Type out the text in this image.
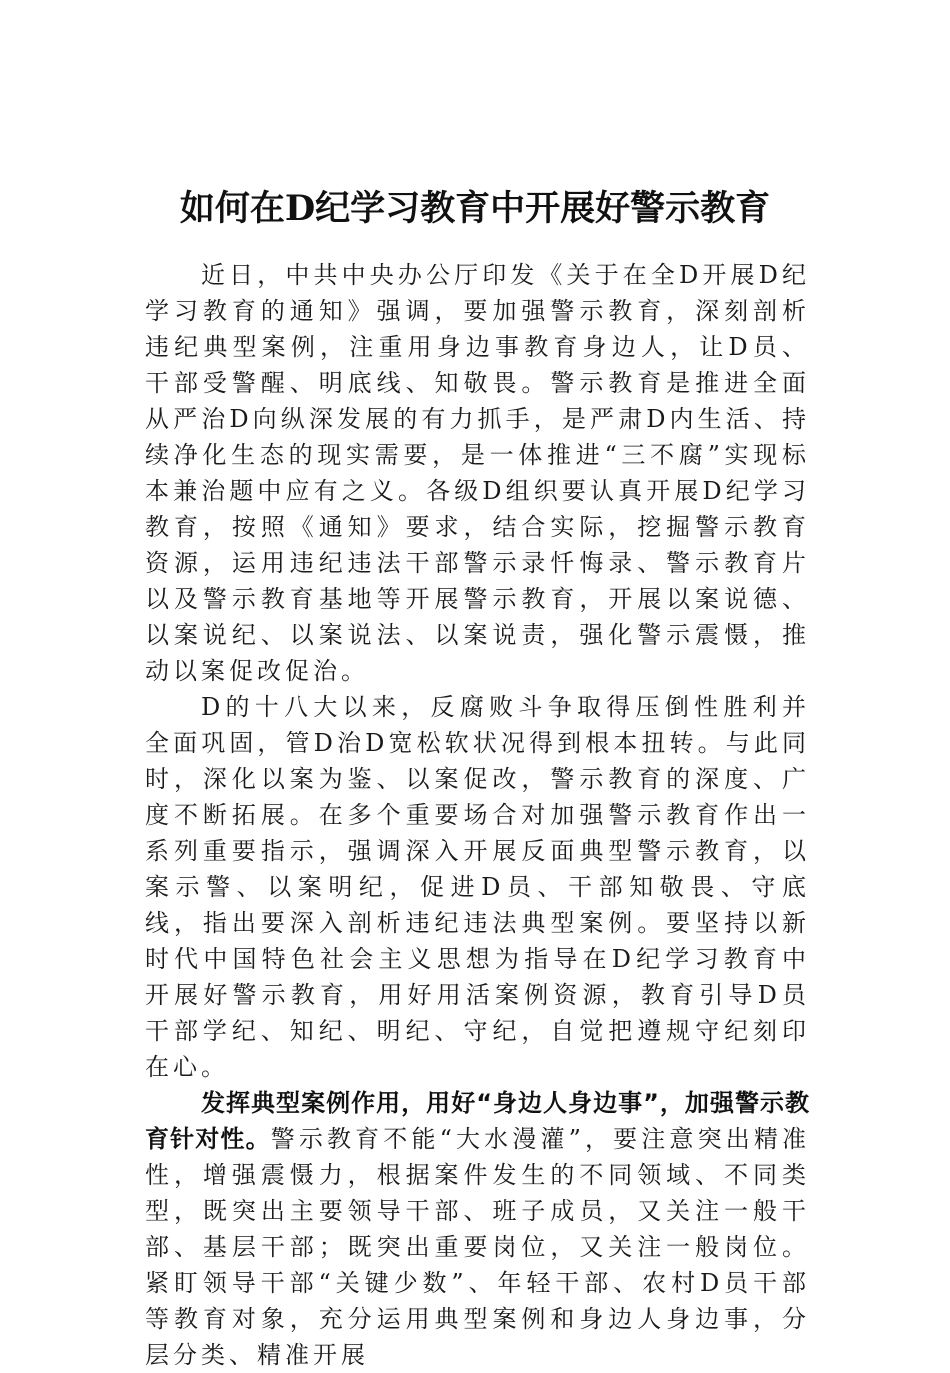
如何在D纪学习教育中开展好警示教育

近日，中共中央办公厅印发《关于在全D开展D纪学习教育的通知》强调，要加强警示教育，深刻剖析违纪典型案例，注重用身边事教育身边人，让D员、干部受警醒、明底线、知敬畏。警示教育是推进全面从严治D向纵深发展的有力抓手，是严肃D内生活、持续净化生态的现实需要，是一体推进“三不腐”实现标本兼治题中应有之义。各级D组织要认真开展D纪学习教育，按照《通知》要求，结合实际，挖掘警示教育资源，运用违纪违法干部警示录忏悔录、警示教育片以及警示教育基地等开展警示教育，开展以案说德、以案说纪、以案说法、以案说责，强化警示震慑，推动以案促改促治。

D的十八大以来，反腐败斗争取得压倒性胜利并全面巩固，管D治D宽松软状况得到根本扭转。与此同时，深化以案为鉴、以案促改，警示教育的深度、广度不断拓展。在多个重要场合对加强警示教育作出一系列重要指示，强调深入开展反面典型警示教育，以案示警、以案明纪，促进D员、干部知敬畏、守底线，指出要深入剖析违纪违法典型案例。要坚持以新时代中国特色社会主义思想为指导在D纪学习教育中开展好警示教育，用好用活案例资源，教育引导D员干部学纪、知纪、明纪、守纪，自觉把遵规守纪刻印在心。

发挥典型案例作用，用好“身边人身边事”，加强警示教育针对性。警示教育不能“大水漫灌”，要注意突出精准性，增强震慑力，根据案件发生的不同领域、不同类型，既突出主要领导干部、班子成员，又关注一般干部、基层干部；既突出重要岗位，又关注一般岗位。紧盯领导干部“关键少数”、年轻干部、农村D员干部等教育对象，充分运用典型案例和身边人身边事，分层分类、精准开展
